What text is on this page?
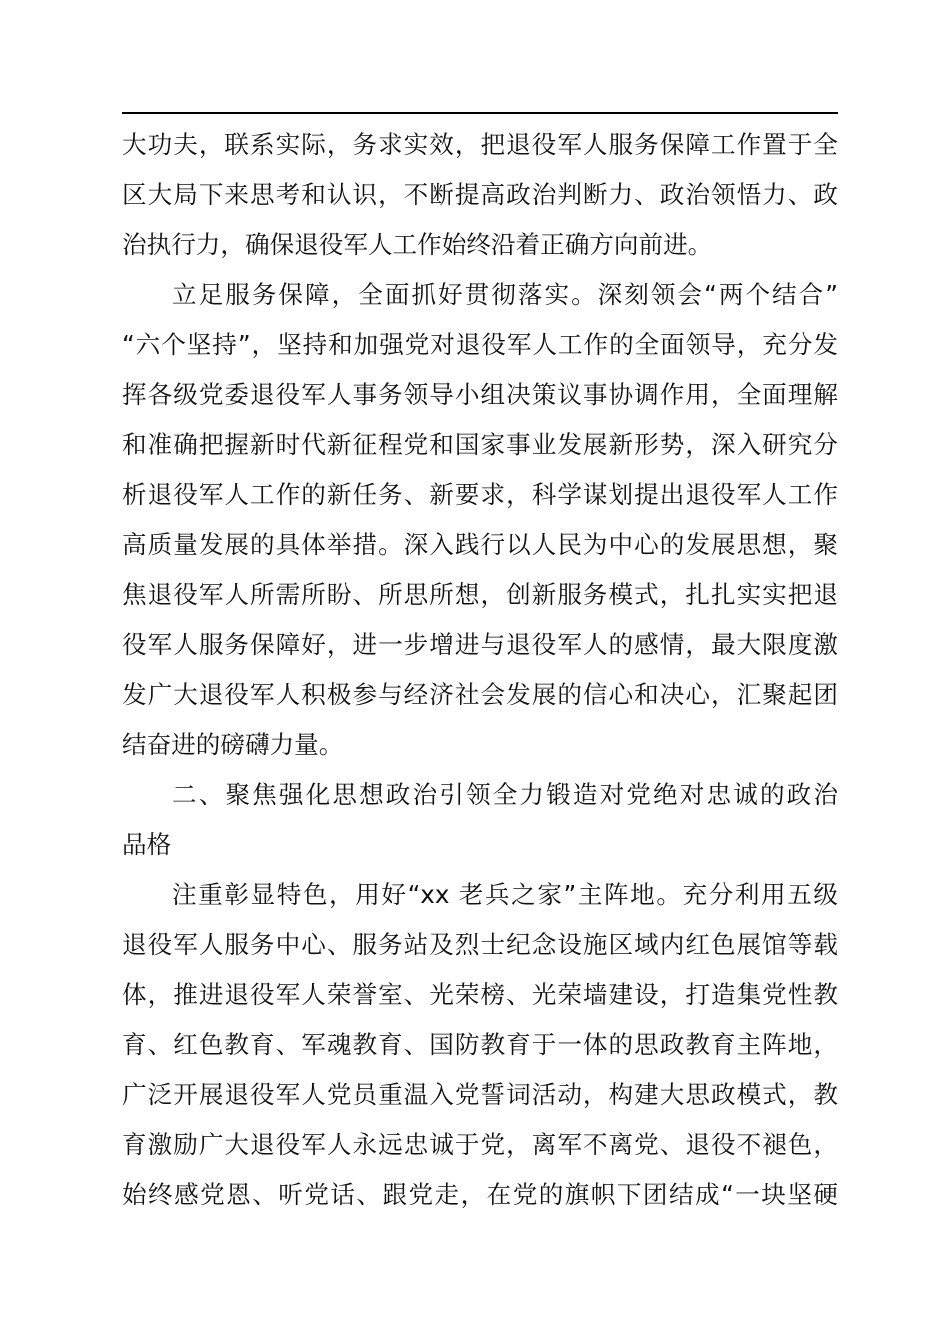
大功夫，联系实际，务求实效，把退役军人服务保障工作置于全
区大局下来思考和认识，不断提高政治判断力、政治领悟力、政
治执行力，确保退役军人工作始终沿着正确方向前进。
立足服务保障，全面抓好贯彻落实。深刻领会“两个结合”
“六个坚持”，坚持和加强党对退役军人工作的全面领导，充分发
挥各级党委退役军人事务领导小组决策议事协调作用，全面理解
和准确把握新时代新征程党和国家事业发展新形势，深入研究分
析退役军人工作的新任务、新要求，科学谋划提出退役军人工作
高质量发展的具体举措。深入践行以人民为中心的发展思想，聚
焦退役军人所需所盼、所思所想，创新服务模式，扎扎实实把退
役军人服务保障好，进一步增进与退役军人的感情，最大限度激
发广大退役军人积极参与经济社会发展的信心和决心，汇聚起团
结奋进的磅礴力量。
二、聚焦强化思想政治引领全力锻造对党绝对忠诚的政治
品格
注重彰显特色，用好“xx 老兵之家”主阵地。充分利用五级
退役军人服务中心、服务站及烈士纪念设施区域内红色展馆等载
体，推进退役军人荣誉室、光荣榜、光荣墙建设，打造集党性教
育、红色教育、军魂教育、国防教育于一体的思政教育主阵地，
广泛开展退役军人党员重温入党誓词活动，构建大思政模式，教
育激励广大退役军人永远忠诚于党，离军不离党、退役不褪色，
始终感党恩、听党话、跟党走，在党的旗帜下团结成“一块坚硬
